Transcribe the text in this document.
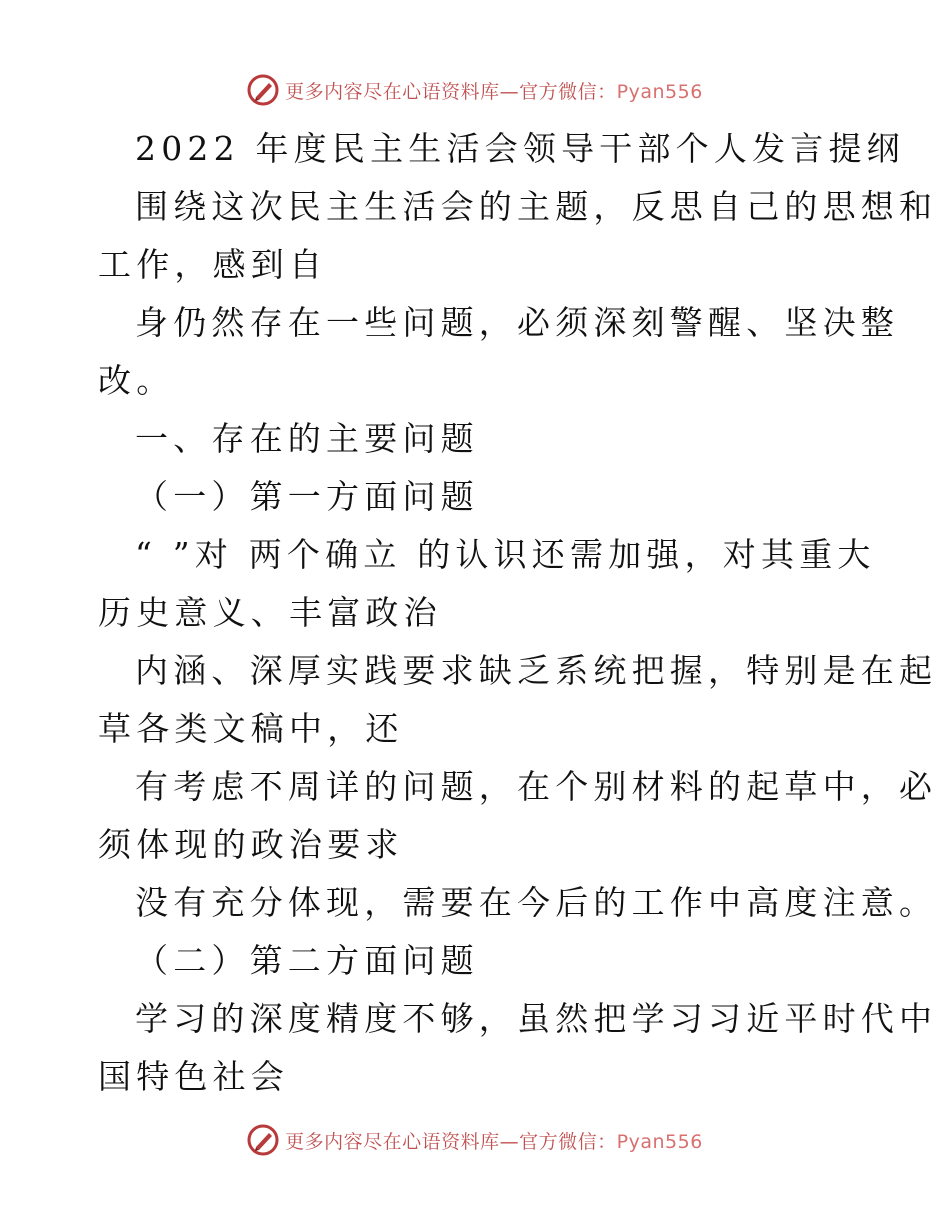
更多内容尽在心语资料库—官方微信：Pyan556
2022 年度民主生活会领导干部个人发言提纲
围绕这次民主生活会的主题，反思自己的思想和
工作，感到自
身仍然存在一些问题，必须深刻警醒、坚决整
改。
一、存在的主要问题
（一）第一方面问题
“ ”对 两个确立 的认识还需加强，对其重大
历史意义、丰富政治
内涵、深厚实践要求缺乏系统把握，特别是在起
草各类文稿中，还
有考虑不周详的问题，在个别材料的起草中，必
须体现的政治要求
没有充分体现，需要在今后的工作中高度注意。
（二）第二方面问题
学习的深度精度不够，虽然把学习习近平时代中
国特色社会
更多内容尽在心语资料库—官方微信：Pyan556
